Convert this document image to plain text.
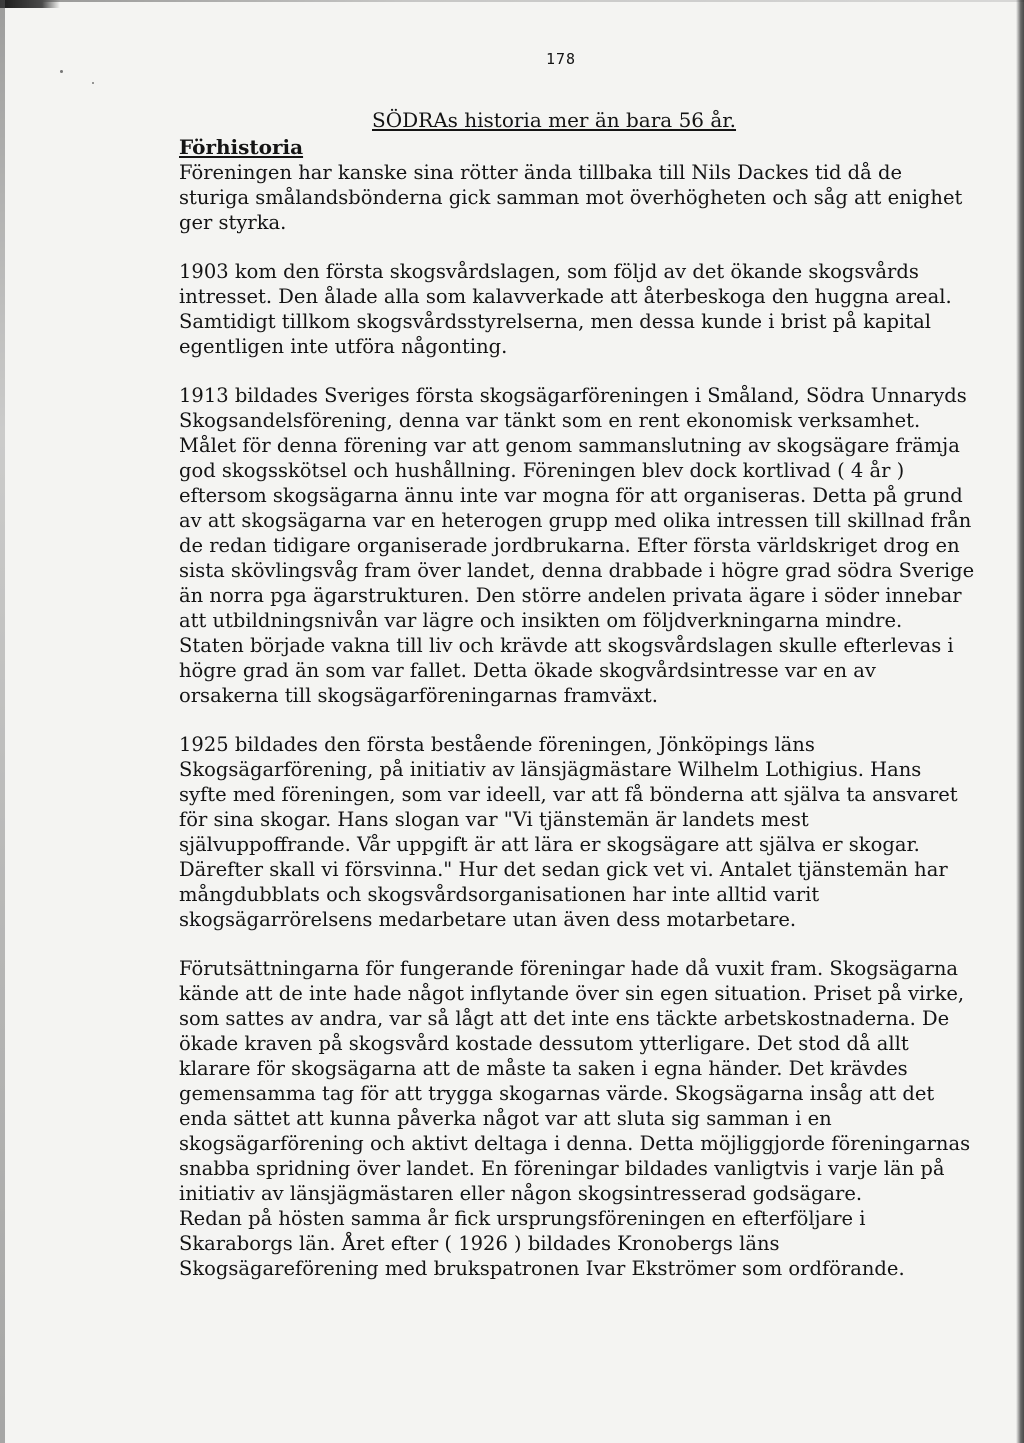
178
SÖDRAs historia mer än bara 56 år.
Förhistoria

Föreningen har kanske sina rötter ända tillbaka till Nils Dackes tid då de
sturiga smålandsbönderna gick samman mot överhögheten och såg att enighet
ger styrka.

1903 kom den första skogsvårdslagen, som följd av det ökande skogsvårds
intresset. Den ålade alla som kalavverkade att återbeskoga den huggna areal.
Samtidigt tillkom skogsvårdsstyrelserna, men dessa kunde i brist på kapital
egentligen inte utföra någonting.

1913 bildades Sveriges första skogsägarföreningen i Småland, Södra Unnaryds
Skogsandelsförening, denna var tänkt som en rent ekonomisk verksamhet.
Målet för denna förening var att genom sammanslutning av skogsägare främja
god skogsskötsel och hushållning. Föreningen blev dock kortlivad ( 4 år )
eftersom skogsägarna ännu inte var mogna för att organiseras. Detta på grund
av att skogsägarna var en heterogen grupp med olika intressen till skillnad från
de redan tidigare organiserade jordbrukarna. Efter första världskriget drog en
sista skövlingsvåg fram över landet, denna drabbade i högre grad södra Sverige
än norra pga ägarstrukturen. Den större andelen privata ägare i söder innebar
att utbildningsnivån var lägre och insikten om följdverkningarna mindre.
Staten började vakna till liv och krävde att skogsvårdslagen skulle efterlevas i
högre grad än som var fallet. Detta ökade skogvårdsintresse var en av
orsakerna till skogsägarföreningarnas framväxt.

1925 bildades den första bestående föreningen, Jönköpings läns
Skogsägarförening, på initiativ av länsjägmästare Wilhelm Lothigius. Hans
syfte med föreningen, som var ideell, var att få bönderna att själva ta ansvaret
för sina skogar. Hans slogan var "Vi tjänstemän är landets mest
självuppoffrande. Vår uppgift är att lära er skogsägare att själva er skogar.
Därefter skall vi försvinna." Hur det sedan gick vet vi. Antalet tjänstemän har
mångdubblats och skogsvårdsorganisationen har inte alltid varit
skogsägarrörelsens medarbetare utan även dess motarbetare.

Förutsättningarna för fungerande föreningar hade då vuxit fram. Skogsägarna
kände att de inte hade något inflytande över sin egen situation. Priset på virke,
som sattes av andra, var så lågt att det inte ens täckte arbetskostnaderna. De
ökade kraven på skogsvård kostade dessutom ytterligare. Det stod då allt
klarare för skogsägarna att de måste ta saken i egna händer. Det krävdes
gemensamma tag för att trygga skogarnas värde. Skogsägarna insåg att det
enda sättet att kunna påverka något var att sluta sig samman i en
skogsägarförening och aktivt deltaga i denna. Detta möjliggjorde föreningarnas
snabba spridning över landet. En föreningar bildades vanligtvis i varje län på
initiativ av länsjägmästaren eller någon skogsintresserad godsägare.
Redan på hösten samma år fick ursprungsföreningen en efterföljare i
Skaraborgs län. Året efter ( 1926 ) bildades Kronobergs läns
Skogsägareförening med brukspatronen Ivar Ekströmer som ordförande.
